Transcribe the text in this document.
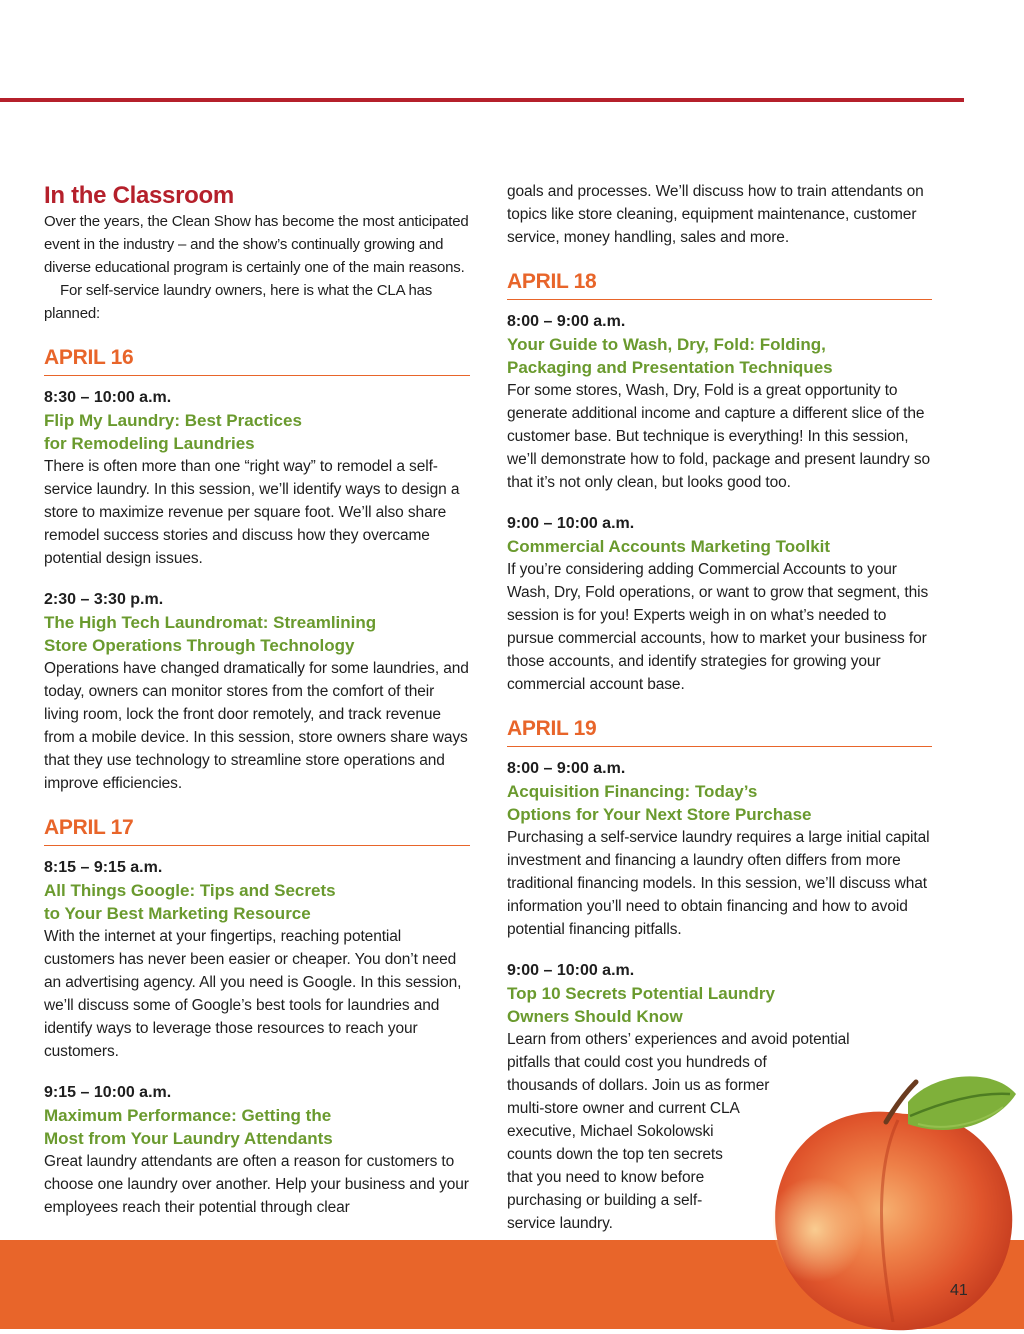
In the Classroom

Over the years, the Clean Show has become the most anticipated event in the industry – and the show’s continually growing and diverse educational program is certainly one of the main reasons.

For self-service laundry owners, here is what the CLA has planned:

APRIL 16
8:30 – 10:00 a.m.
Flip My Laundry: Best Practices
for Remodeling Laundries

There is often more than one “right way” to remodel a self-service laundry. In this session, we’ll identify ways to design a store to maximize revenue per square foot. We’ll also share remodel success stories and discuss how they overcame potential design issues.

2:30 – 3:30 p.m.
The High Tech Laundromat: Streamlining
Store Operations Through Technology

Operations have changed dramatically for some laundries, and today, owners can monitor stores from the comfort of their living room, lock the front door remotely, and track revenue from a mobile device. In this session, store owners share ways that they use technology to streamline store operations and improve efficiencies.

APRIL 17
8:15 – 9:15 a.m.
All Things Google: Tips and Secrets
to Your Best Marketing Resource

With the internet at your fingertips, reaching potential customers has never been easier or cheaper. You don’t need an advertising agency. All you need is Google. In this session, we’ll discuss some of Google’s best tools for laundries and identify ways to leverage those resources to reach your customers.

9:15 – 10:00 a.m.
Maximum Performance: Getting the
Most from Your Laundry Attendants

Great laundry attendants are often a reason for customers to choose one laundry over another. Help your business and your employees reach their potential through clear

goals and processes. We’ll discuss how to train attendants on topics like store cleaning, equipment maintenance, customer service, money handling, sales and more.

APRIL 18
8:00 – 9:00 a.m.
Your Guide to Wash, Dry, Fold: Folding,
Packaging and Presentation Techniques

For some stores, Wash, Dry, Fold is a great opportunity to generate additional income and capture a different slice of the customer base. But technique is everything! In this session, we’ll demonstrate how to fold, package and present laundry so that it’s not only clean, but looks good too.

9:00 – 10:00 a.m.
Commercial Accounts Marketing Toolkit

If you’re considering adding Commercial Accounts to your Wash, Dry, Fold operations, or want to grow that segment, this session is for you! Experts weigh in on what’s needed to pursue commercial accounts, how to market your business for those accounts, and identify strategies for growing your commercial account base.

APRIL 19
8:00 – 9:00 a.m.
Acquisition Financing: Today’s
Options for Your Next Store Purchase

Purchasing a self-service laundry requires a large initial capital investment and financing a laundry often differs from more traditional financing models. In this session, we’ll discuss what information you’ll need to obtain financing and how to avoid potential financing pitfalls.

9:00 – 10:00 a.m.
Top 10 Secrets Potential Laundry
Owners Should Know
Learn from others’ experiences and avoid potential
pitfalls that could cost you hundreds of
thousands of dollars. Join us as former
multi-store owner and current CLA
executive, Michael Sokolowski
counts down the top ten secrets
that you need to know before
purchasing or building a self-
service laundry.
41
